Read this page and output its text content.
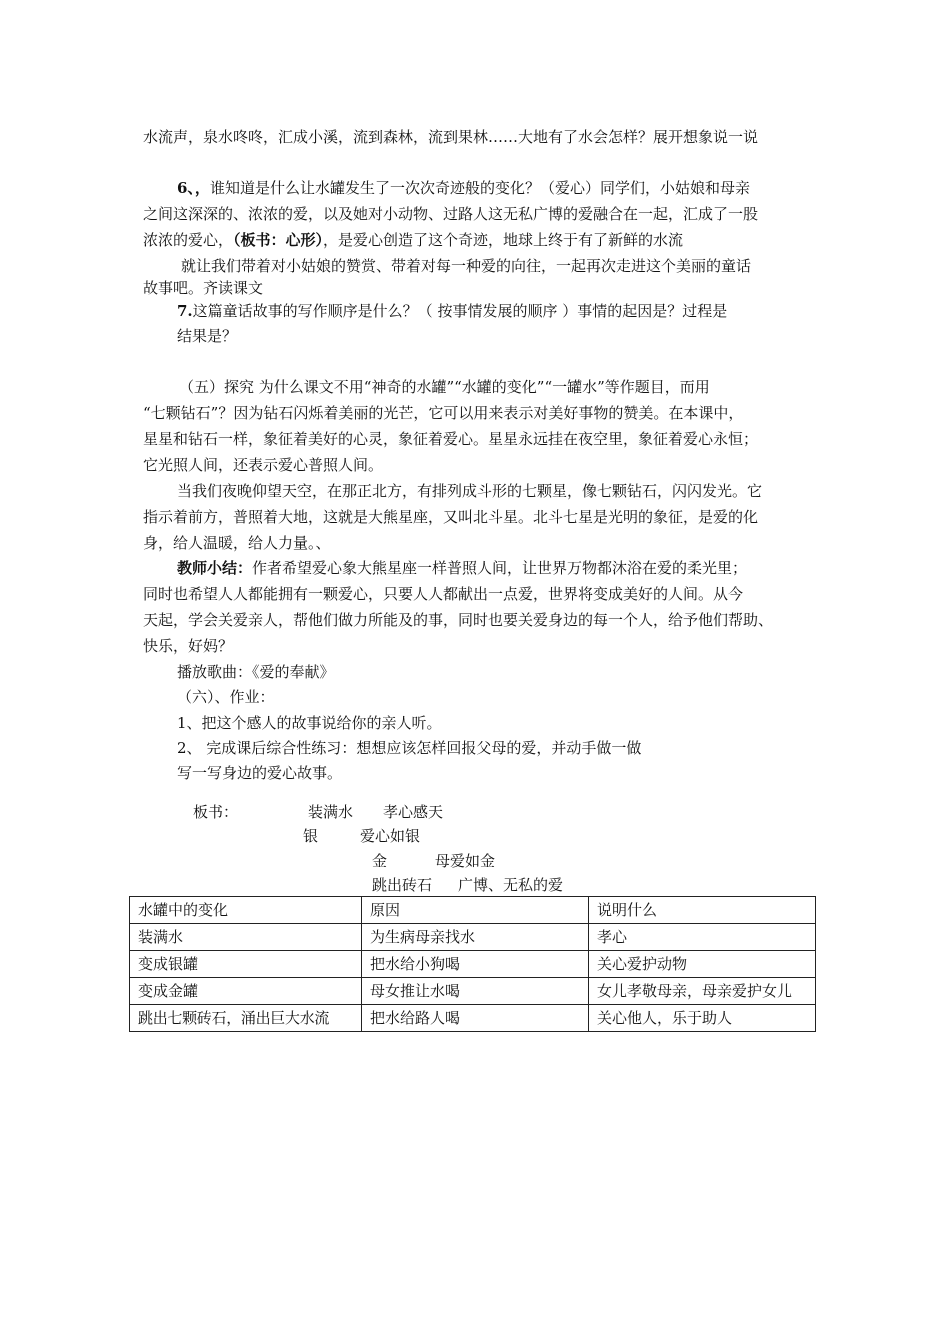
水流声，泉水咚咚，汇成小溪，流到森林，流到果林……大地有了水会怎样？展开想象说一说
6、，谁知道是什么让水罐发生了一次次奇迹般的变化？（爱心）同学们，小姑娘和母亲
之间这深深的、浓浓的爱，以及她对小动物、过路人这无私广博的爱融合在一起，汇成了一股
浓浓的爱心，（板书：心形），是爱心创造了这个奇迹，地球上终于有了新鲜的水流
就让我们带着对小姑娘的赞赏、带着对每一种爱的向往，一起再次走进这个美丽的童话
故事吧。齐读课文
7.这篇童话故事的写作顺序是什么？（ 按事情发展的顺序 ）事情的起因是？过程是
结果是？
（五）探究 为什么课文不用“神奇的水罐”“水罐的变化”“一罐水”等作题目，而用
“七颗钻石”？因为钻石闪烁着美丽的光芒，它可以用来表示对美好事物的赞美。在本课中，
星星和钻石一样，象征着美好的心灵，象征着爱心。星星永远挂在夜空里，象征着爱心永恒；
它光照人间，还表示爱心普照人间。
当我们夜晚仰望天空，在那正北方，有排列成斗形的七颗星，像七颗钻石，闪闪发光。它
指示着前方，普照着大地，这就是大熊星座，又叫北斗星。北斗七星是光明的象征，是爱的化
身，给人温暖，给人力量。、
教师小结：作者希望爱心象大熊星座一样普照人间，让世界万物都沐浴在爱的柔光里；
同时也希望人人都能拥有一颗爱心，只要人人都献出一点爱，世界将变成美好的人间。从今
天起，学会关爱亲人，帮他们做力所能及的事，同时也要关爱身边的每一个人，给予他们帮助、
快乐，好妈？
播放歌曲：《爱的奉献》
（六）、作业：
1、把这个感人的故事说给你的亲人听。
2、 完成课后综合性练习：想想应该怎样回报父母的爱，并动手做一做
写一写身边的爱心故事。
板书：	装满水 孝心感天
银	爱心如银
金	母爱如金
跳出砖石 广博、无私的爱
水罐中的变化	原因	说明什么
装满水	为生病母亲找水	孝心
变成银罐	把水给小狗喝	关心爱护动物
变成金罐	母女推让水喝	女儿孝敬母亲，母亲爱护女儿
跳出七颗砖石，涌出巨大水流	把水给路人喝	关心他人，乐于助人
